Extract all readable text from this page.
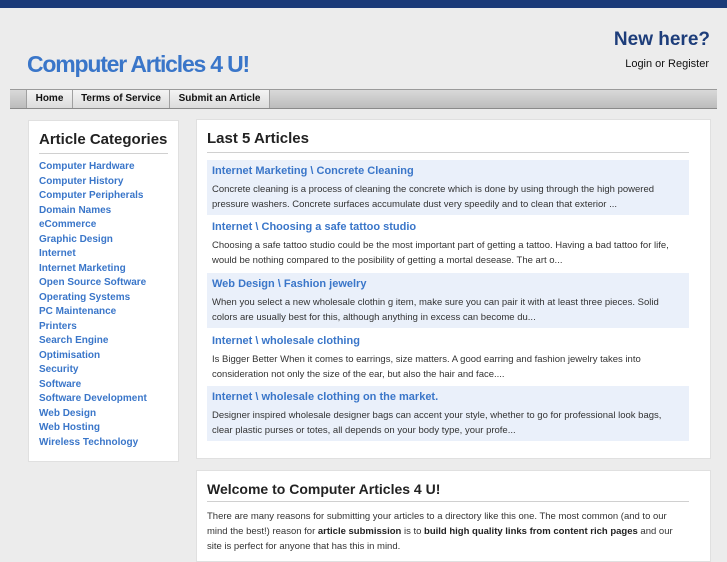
Computer Articles 4 U!
New here?
Login or Register
Home	Terms of Service	Submit an Article
Article Categories
Computer Hardware
Computer History
Computer Peripherals
Domain Names
eCommerce
Graphic Design
Internet
Internet Marketing
Open Source Software
Operating Systems
PC Maintenance
Printers
Search Engine
Optimisation
Security
Software
Software Development
Web Design
Web Hosting
Wireless Technology
Last 5 Articles
Internet Marketing \ Concrete Cleaning
Concrete cleaning is a process of cleaning the concrete which is done by using through the high powered pressure washers. Concrete surfaces accumulate dust very speedily and to clean that exterior ...
Internet \ Choosing a safe tattoo studio
Choosing a safe tattoo studio could be the most important part of getting a tattoo. Having a bad tattoo for life, would be nothing compared to the posibility of getting a mortal desease. The art o...
Web Design \ Fashion jewelry
When you select a new wholesale clothin g item, make sure you can pair it with at least three pieces. Solid colors are usually best for this, although anything in excess can become du...
Internet \ wholesale clothing
Is Bigger Better When it comes to earrings, size matters. A good earring and fashion jewelry takes into consideration not only the size of the ear, but also the hair and face....
Internet \ wholesale clothing on the market.
Designer inspired wholesale designer bags can accent your style, whether to go for professional look bags, clear plastic purses or totes, all depends on your body type, your profe...
Welcome to Computer Articles 4 U!

There are many reasons for submitting your articles to a directory like this one. The most common (and to our mind the best!) reason for article submission is to build high quality links from content rich pages and our site is perfect for anyone that has this in mind.
